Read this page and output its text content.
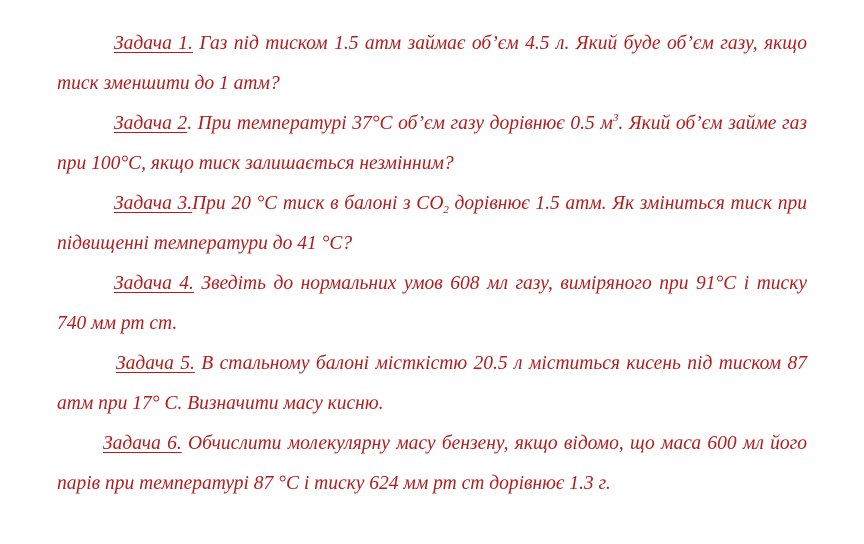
Задача 1. Газ під тиском 1.5 атм займає об’єм 4.5 л. Який буде об’єм газу, якщо тиск зменшити до 1 атм?

Задача 2. При температурі 37°С об’єм газу дорівнює 0.5 $м^3$. Який об’єм займе газ при 100°С, якщо тиск залишається незмінним?

Задача 3.При 20 °С тиск в балоні з $СО_2$ дорівнює 1.5 атм. Як зміниться тиск при підвищенні температури до 41 °С?

Задача 4. Зведіть до нормальних умов 608 мл газу, виміряного при 91°С і тиску 740 мм рт ст.

Задача 5. В стальному балоні місткістю 20.5 л міститься кисень під тиском 87 атм при 17° С. Визначити масу кисню.

Задача 6. Обчислити молекулярну масу бензену, якщо відомо, що маса 600 мл його парів при температурі 87 °С і тиску 624 мм рт ст дорівнює 1.3 г.
